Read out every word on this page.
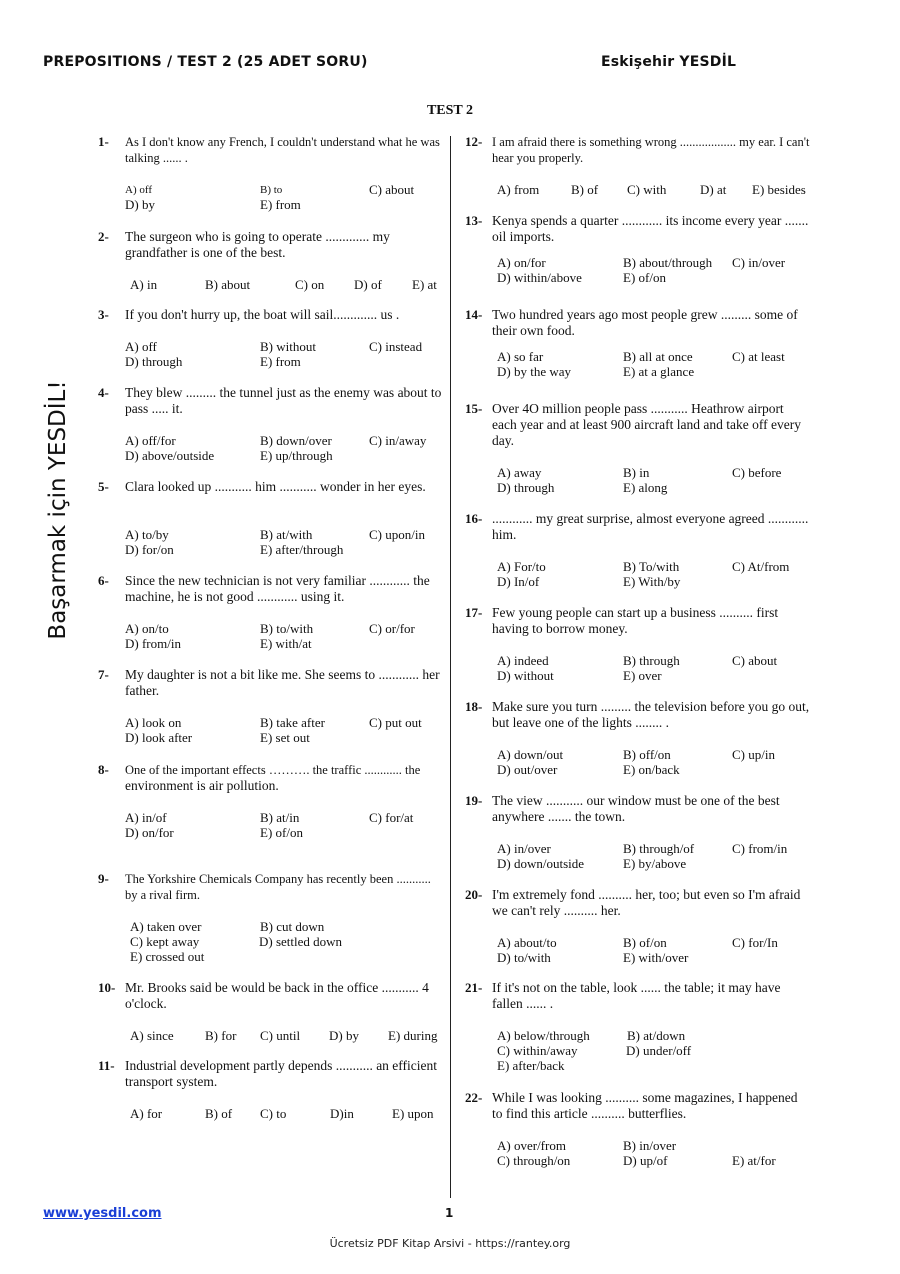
PREPOSITIONS / TEST 2 (25 ADET SORU)	Eskişehir YESDİL
TEST 2
Başarmak için YESDİL!
1- As I don't know any French, I couldn't understand what he was talking ...... .
A) off	B) to	C) about
D) by	E) from
2- The surgeon who is going to operate ............. my grandfather is one of the best.
A) in	B) about	C) on D) of E) at
3- If you don't hurry up, the boat will sail............. us .
A) off	B) without	C) instead
D) through	E) from
4- They blew ......... the tunnel just as the enemy was about to pass ..... it.
A) off/for	B) down/over	C) in/away
D) above/outside	E) up/through
5- Clara looked up ........... him ........... wonder in her eyes.
A) to/by	B) at/with	C) upon/in
D) for/on	E) after/through
6- Since the new technician is not very familiar ............ the machine, he is not good ............ using it.
A) on/to	B) to/with	C) or/for
D) from/in	E) with/at
7- My daughter is not a bit like me. She seems to ............ her father.
A) look on	B) take after	C) put out
D) look after	E) set out
8- One of the important effects ………. the traffic ............ the
environment is air pollution.
A) in/of	B) at/in	C) for/at
D) on/for	E) of/on
9- The Yorkshire Chemicals Company has recently been ........... by a rival firm.
A) taken over	B) cut down
C) kept away	D) settled down
E) crossed out
10- Mr. Brooks said be would be back in the office ........... 4 o'clock.
A) since B) for C) until D) by E) during
11- Industrial development partly depends ........... an efficient transport system.
A) for	B) of C) to	D)in	E) upon
12- I am afraid there is something wrong .................. my ear. I can't hear you properly.
A) from B) of C) with	D) at E) besides
13- Kenya spends a quarter ............ its income every year ....... oil imports.
A) on/for	B) about/through C) in/over
D) within/above	E) of/on
14- Two hundred years ago most people grew ......... some of their own food.
A) so far	B) all at once	C) at least
D) by the way	E) at a glance
15- Over 4O million people pass ........... Heathrow airport each year and at least 900 aircraft land and take off every day.
A) away	B) in	C) before
D) through	E) along
16- ............ my great surprise, almost everyone agreed ............ him.
A) For/to	B) To/with	C) At/from
D) In/of	E) With/by
17- Few young people can start up a business .......... first having to borrow money.
A) indeed	B) through	C) about
D) without	E) over
18- Make sure you turn ......... the television before you go out, but leave one of the lights ........ .
A) down/out	B) off/on	C) up/in
D) out/over	E) on/back
19- The view ........... our window must be one of the best anywhere ....... the town.
A) in/over	B) through/of	C) from/in
D) down/outside	E) by/above
20- I'm extremely fond .......... her, too; but even so I'm afraid we can't rely .......... her.
A) about/to	B) of/on	C) for/In
D) to/with	E) with/over
21- If it's not on the table, look ...... the table; it may have fallen ...... .
A) below/through	B) at/down
C) within/away	D) under/off
E) after/back
22- While I was looking .......... some magazines, I happened to find this article .......... butterflies.
A) over/from	B) in/over
C) through/on	D) up/of	E) at/for
www.yesdil.com	1
Ücretsiz PDF Kitap Arsivi - https://rantey.org
